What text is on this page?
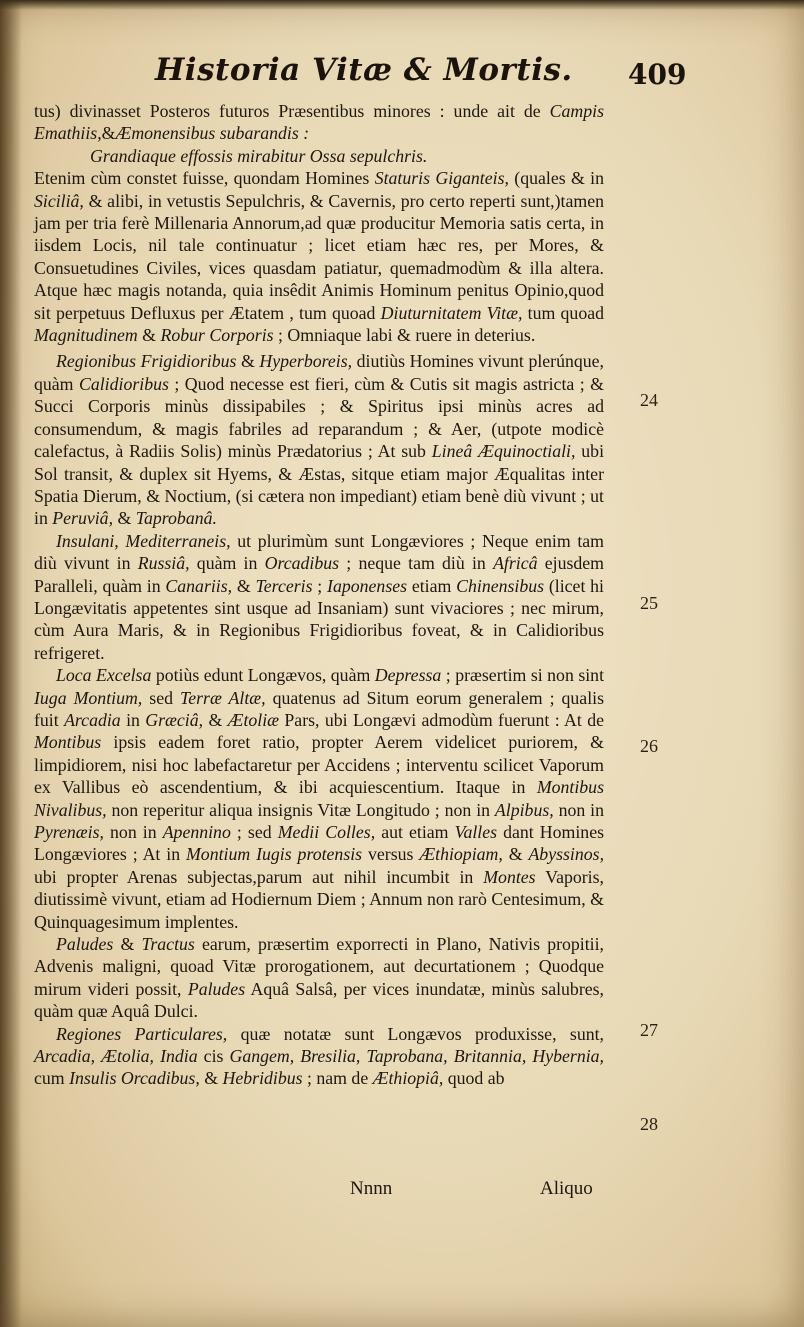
Historia Vitæ & Mortis. 409

tus) divinasset Posteros futuros Præsentibus minores : unde ait de Campis Emathiis,&Æmonensibus subarandis :

Grandiaque effossis mirabitur Ossa sepulchris.

Etenim cùm constet fuisse, quondam Homines Staturis Giganteis, (quales & in Siciliâ, & alibi, in vetustis Sepulchris, & Cavernis, pro certo reperti sunt,)tamen jam per tria ferè Millenaria Annorum,ad quæ producitur Memoria satis certa, in iisdem Locis, nil tale continuatur ; licet etiam hæc res, per Mores, & Consuetudines Civiles, vices quasdam patiatur, quemadmodùm & illa altera. Atque hæc magis notanda, quia insêdit Animis Hominum penitus Opinio,quod sit perpetuus Defluxus per Ætatem , tum quoad Diuturnitatem Vitæ, tum quoad Magnitudinem & Robur Corporis ; Omniaque labi & ruere in deterius.

Regionibus Frigidioribus & Hyperboreis, diutiùs Homines vivunt plerúnque, quàm Calidioribus ; Quod necesse est fieri, cùm & Cutis sit magis astricta ; & Succi Corporis minùs dissipabiles ; & Spiritus ipsi minùs acres ad consumendum, & magis fabriles ad reparandum ; & Aer, (utpote modicè calefactus, à Radiis Solis) minùs Prædatorius ; At sub Lineâ Æquinoctiali, ubi Sol transit, & duplex sit Hyems, & Æstas, sitque etiam major Æqualitas inter Spatia Dierum, & Noctium, (si cætera non impediant) etiam benè diù vivunt ; ut in Peruviâ, & Taprobanâ.

Insulani, Mediterraneis, ut plurimùm sunt Longæviores ; Neque enim tam diù vivunt in Russiâ, quàm in Orcadibus ; neque tam diù in Africâ ejusdem Paralleli, quàm in Canariis, & Terceris ; Iaponenses etiam Chinensibus (licet hi Longævitatis appetentes sint usque ad Insaniam) sunt vivaciores ; nec mirum, cùm Aura Maris, & in Regionibus Frigidioribus foveat, & in Calidioribus refrigeret.

Loca Excelsa potiùs edunt Longævos, quàm Depressa ; præsertim si non sint Iuga Montium, sed Terræ Altæ, quatenus ad Situm eorum generalem ; qualis fuit Arcadia in Græciâ, & Ætoliæ Pars, ubi Longævi admodùm fuerunt : At de Montibus ipsis eadem foret ratio, propter Aerem videlicet puriorem, & limpidiorem, nisi hoc labefactaretur per Accidens ; interventu scilicet Vaporum ex Vallibus eò ascendentium, & ibi acquiescentium. Itaque in Montibus Nivalibus, non reperitur aliqua insignis Vitæ Longitudo ; non in Alpibus, non in Pyrenæis, non in Apennino ; sed Medii Colles, aut etiam Valles dant Homines Longæviores ; At in Montium Iugis protensis versus Æthiopiam, & Abyssinos, ubi propter Arenas subjectas,parum aut nihil incumbit in Montes Vaporis, diutissimè vivunt, etiam ad Hodiernum Diem ; Annum non rarò Centesimum, & Quinquagesimum implentes.

Paludes & Tractus earum, præsertim exporrecti in Plano, Nativis propitii, Advenis maligni, quoad Vitæ prorogationem, aut decurtationem ; Quodque mirum videri possit, Paludes Aquâ Salsâ, per vices inundatæ, minùs salubres, quàm quæ Aquâ Dulci.

Regiones Particulares, quæ notatæ sunt Longævos produxisse, sunt, Arcadia, Ætolia, India cis Gangem, Bresilia, Taprobana, Britannia, Hybernia, cum Insulis Orcadibus, & Hebridibus ; nam de Æthiopiâ, quod ab

24
25
26
27
28
Nnnn	Aliquo
